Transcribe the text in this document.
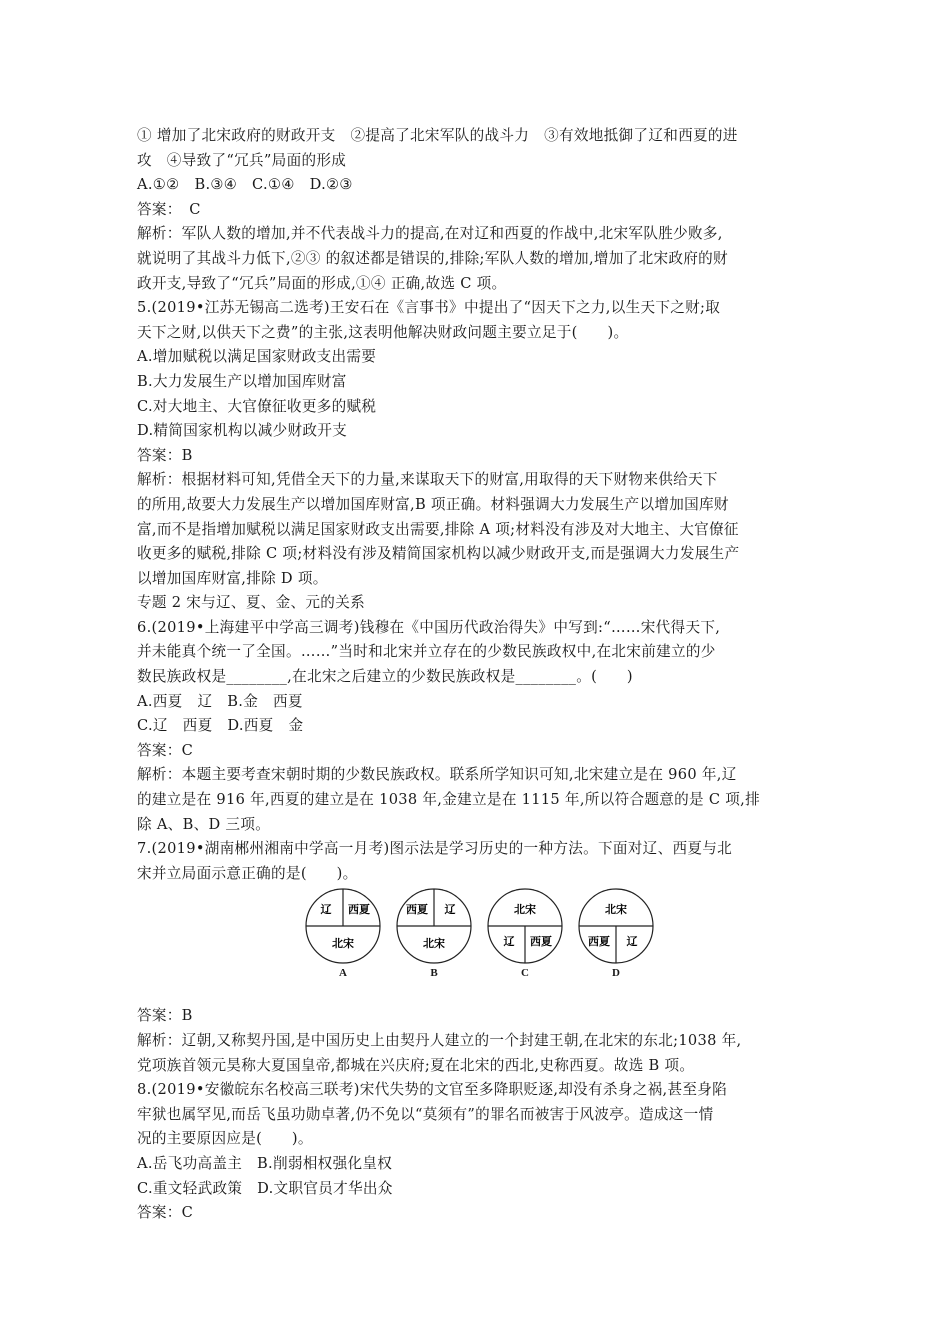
① 增加了北宋政府的财政开支　②提高了北宋军队的战斗力　③有效地抵御了辽和西夏的进
攻　④导致了“冗兵”局面的形成
A.①②　B.③④　C.①④　D.②③
答案：　C
解析：军队人数的增加,并不代表战斗力的提高,在对辽和西夏的作战中,北宋军队胜少败多,
就说明了其战斗力低下,②③ 的叙述都是错误的,排除;军队人数的增加,增加了北宋政府的财
政开支,导致了“冗兵”局面的形成,①④ 正确,故选 C 项。
5.(2019•江苏无锡高二选考)王安石在《言事书》中提出了“因天下之力,以生天下之财;取
天下之财,以供天下之费”的主张,这表明他解决财政问题主要立足于(　　)。
A.增加赋税以满足国家财政支出需要
B.大力发展生产以增加国库财富
C.对大地主、大官僚征收更多的赋税
D.精简国家机构以减少财政开支
答案：B
解析：根据材料可知,凭借全天下的力量,来谋取天下的财富,用取得的天下财物来供给天下
的所用,故要大力发展生产以增加国库财富,B 项正确。材料强调大力发展生产以增加国库财
富,而不是指增加赋税以满足国家财政支出需要,排除 A 项;材料没有涉及对大地主、大官僚征
收更多的赋税,排除 C 项;材料没有涉及精简国家机构以减少财政开支,而是强调大力发展生产
以增加国库财富,排除 D 项。
专题 2 宋与辽、夏、金、元的关系
6.(2019•上海建平中学高三调考)钱穆在《中国历代政治得失》中写到:“……宋代得天下,
并未能真个统一了全国。……”当时和北宋并立存在的少数民族政权中,在北宋前建立的少
数民族政权是________,在北宋之后建立的少数民族政权是________。(　　)
A.西夏　辽　B.金　西夏
C.辽　西夏　D.西夏　金
答案：C
解析：本题主要考查宋朝时期的少数民族政权。联系所学知识可知,北宋建立是在 960 年,辽
的建立是在 916 年,西夏的建立是在 1038 年,金建立是在 1115 年,所以符合题意的是 C 项,排
除 A、B、D 三项。
7.(2019•湖南郴州湘南中学高一月考)图示法是学习历史的一种方法。下面对辽、西夏与北
宋并立局面示意正确的是(　　)。
辽 西夏
北宋
A
西夏 辽
北宋
B
北宋
辽 西夏
C
北宋
西夏 辽
D
答案：B
解析：辽朝,又称契丹国,是中国历史上由契丹人建立的一个封建王朝,在北宋的东北;1038 年,
党项族首领元昊称大夏国皇帝,都城在兴庆府;夏在北宋的西北,史称西夏。故选 B 项。
8.(2019•安徽皖东名校高三联考)宋代失势的文官至多降职贬逐,却没有杀身之祸,甚至身陷
牢狱也属罕见,而岳飞虽功勋卓著,仍不免以“莫须有”的罪名而被害于风波亭。造成这一情
况的主要原因应是(　　)。
A.岳飞功高盖主　B.削弱相权强化皇权
C.重文轻武政策　D.文职官员才华出众
答案：C
